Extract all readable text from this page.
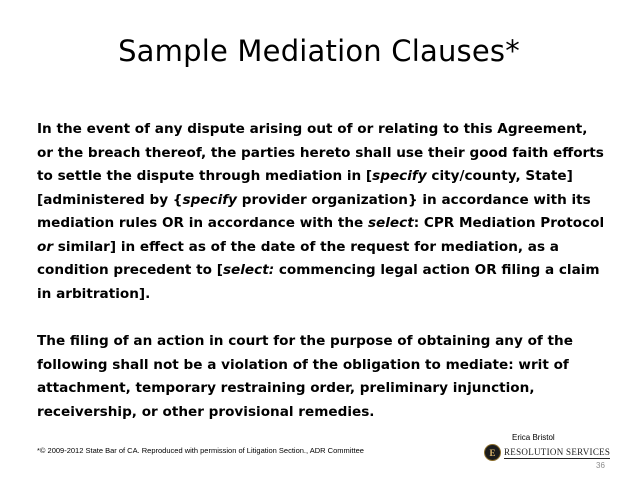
Sample Mediation Clauses*
In the event of any dispute arising out of or relating to this Agreement, or the breach thereof, the parties hereto shall use their good faith efforts to settle the dispute through mediation in [specify city/county, State] [administered by {specify provider organization} in accordance with its mediation rules OR in accordance with the select: CPR Mediation Protocol or similar] in effect as of the date of the request for mediation, as a condition precedent to [select: commencing legal action OR filing a claim in arbitration].
The filing of an action in court for the purpose of obtaining any of the following shall not be a violation of the obligation to mediate: writ of attachment, temporary restraining order, preliminary injunction, receivership, or other provisional remedies.
*© 2009-2012 State Bar of CA. Reproduced with permission of Litigation Section., ADR Committee
Erica Bristol
E RESOLUTION SERVICES
36
